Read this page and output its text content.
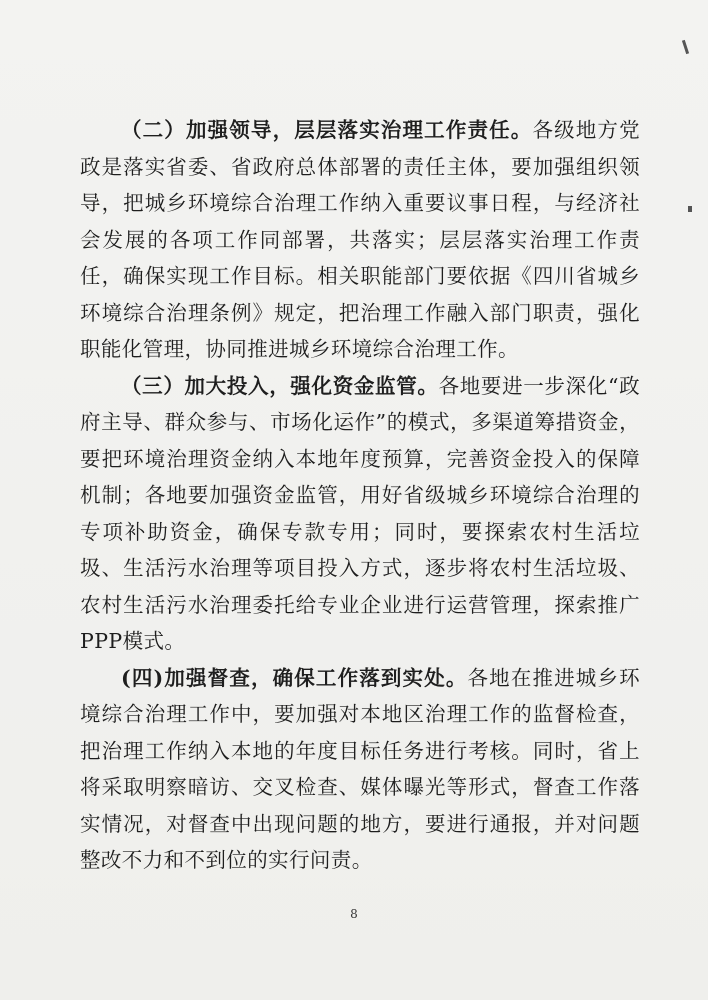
（二）加强领导，层层落实治理工作责任。各级地方党政是落实省委、省政府总体部署的责任主体，要加强组织领导，把城乡环境综合治理工作纳入重要议事日程，与经济社会发展的各项工作同部署，共落实；层层落实治理工作责任，确保实现工作目标。相关职能部门要依据《四川省城乡环境综合治理条例》规定，把治理工作融入部门职责，强化职能化管理，协同推进城乡环境综合治理工作。

（三）加大投入，强化资金监管。各地要进一步深化“政府主导、群众参与、市场化运作”的模式，多渠道筹措资金，要把环境治理资金纳入本地年度预算，完善资金投入的保障机制；各地要加强资金监管，用好省级城乡环境综合治理的专项补助资金，确保专款专用；同时，要探索农村生活垃圾、生活污水治理等项目投入方式，逐步将农村生活垃圾、农村生活污水治理委托给专业企业进行运营管理，探索推广PPP模式。

(四)加强督查，确保工作落到实处。各地在推进城乡环境综合治理工作中，要加强对本地区治理工作的监督检查，把治理工作纳入本地的年度目标任务进行考核。同时，省上将采取明察暗访、交叉检查、媒体曝光等形式，督查工作落实情况，对督查中出现问题的地方，要进行通报，并对问题整改不力和不到位的实行问责。

8
